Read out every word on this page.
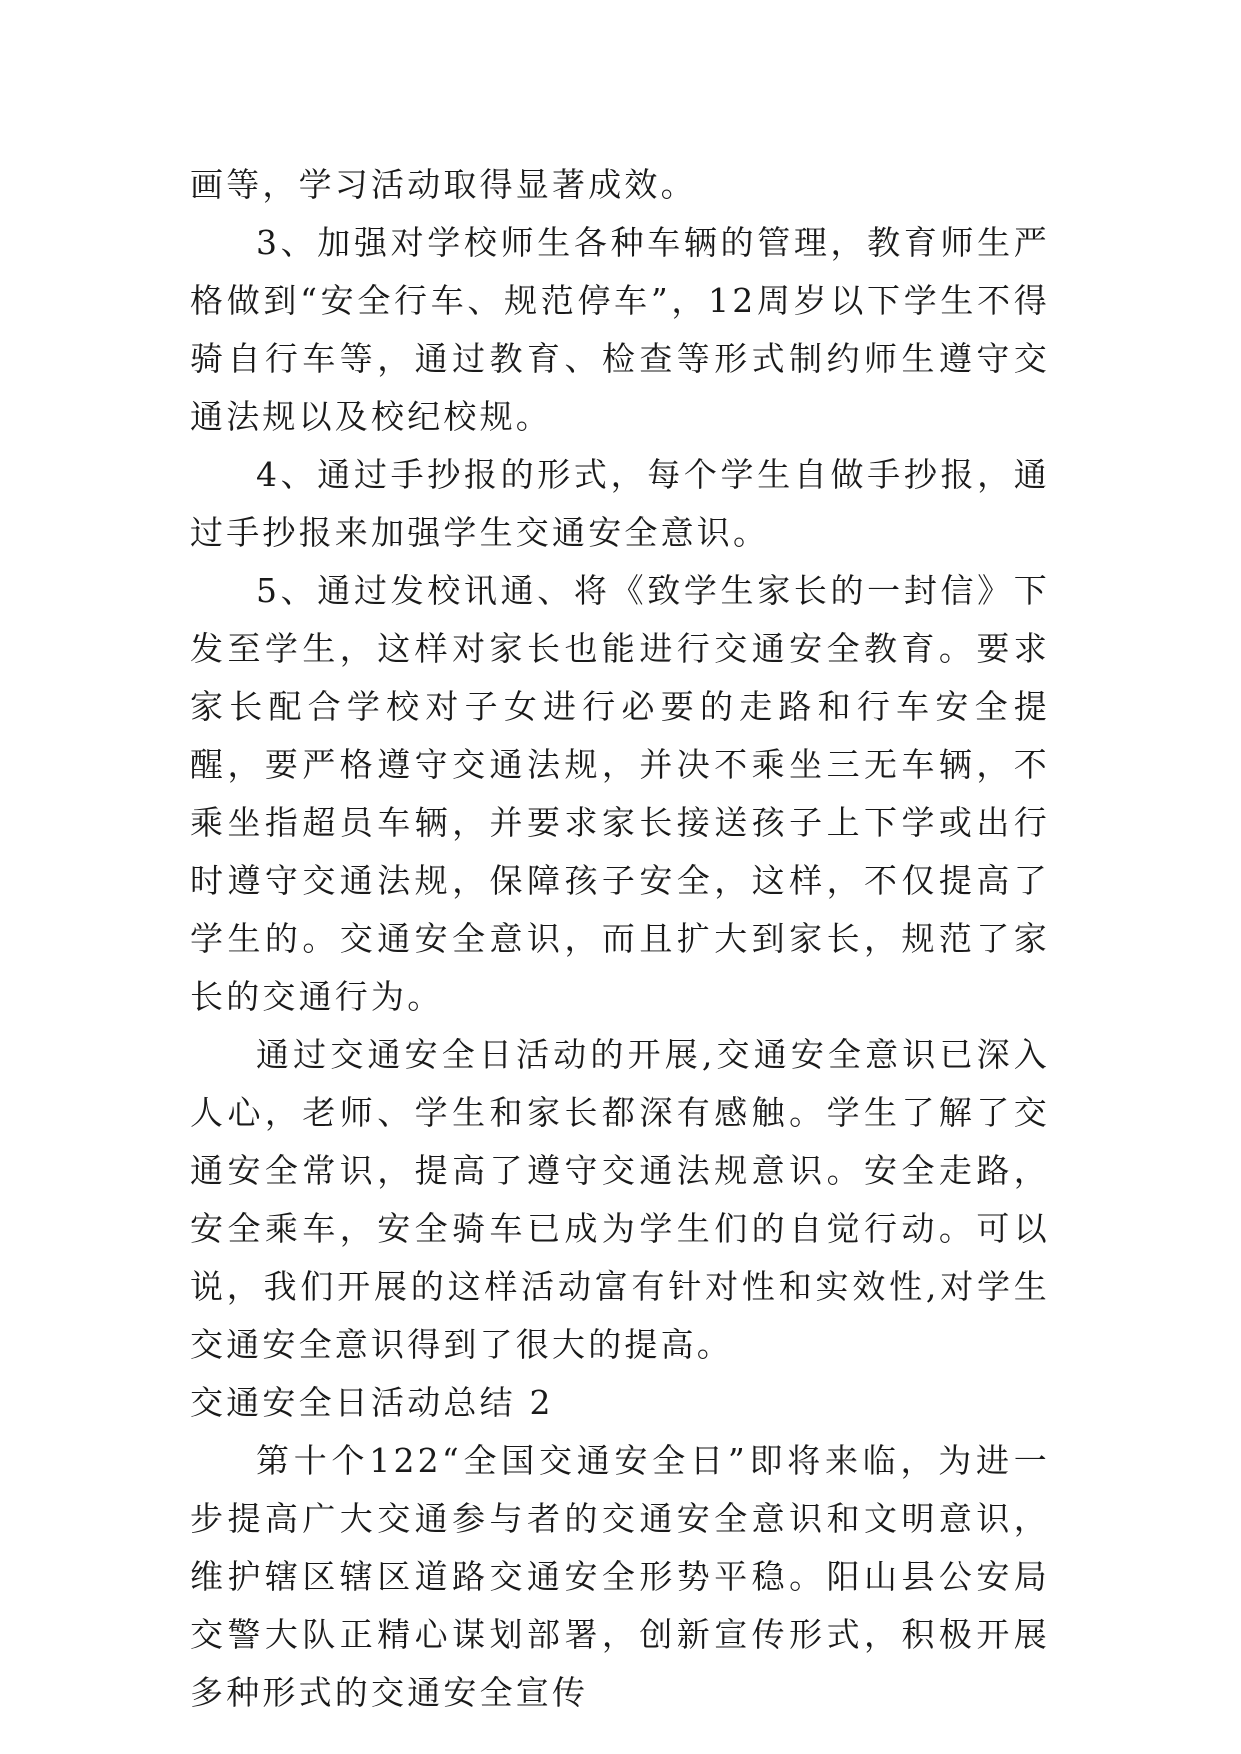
画等，学习活动取得显著成效。

3、加强对学校师生各种车辆的管理，教育师生严格做到“安全行车、规范停车”，12周岁以下学生不得骑自行车等，通过教育、检查等形式制约师生遵守交通法规以及校纪校规。

4、通过手抄报的形式，每个学生自做手抄报，通过手抄报来加强学生交通安全意识。

5、通过发校讯通、将《致学生家长的一封信》下发至学生，这样对家长也能进行交通安全教育。要求家长配合学校对子女进行必要的走路和行车安全提醒，要严格遵守交通法规，并决不乘坐三无车辆，不乘坐指超员车辆，并要求家长接送孩子上下学或出行时遵守交通法规，保障孩子安全，这样，不仅提高了学生的。交通安全意识，而且扩大到家长，规范了家长的交通行为。

通过交通安全日活动的开展,交通安全意识已深入人心，老师、学生和家长都深有感触。学生了解了交通安全常识，提高了遵守交通法规意识。安全走路，安全乘车，安全骑车已成为学生们的自觉行动。可以说，我们开展的这样活动富有针对性和实效性,对学生交通安全意识得到了很大的提高。

交通安全日活动总结 2

第十个122“全国交通安全日”即将来临，为进一步提高广大交通参与者的交通安全意识和文明意识，维护辖区辖区道路交通安全形势平稳。阳山县公安局交警大队正精心谋划部署，创新宣传形式，积极开展多种形式的交通安全宣传
